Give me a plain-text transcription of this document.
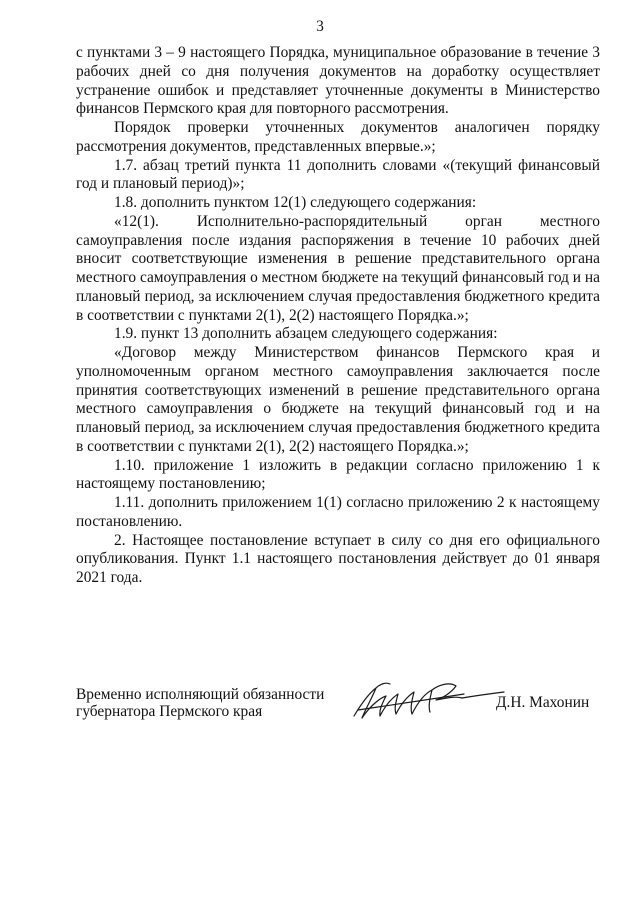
3

с пунктами 3 – 9 настоящего Порядка, муниципальное образование в течение 3 рабочих дней со дня получения документов на доработку осуществляет устранение ошибок и представляет уточненные документы в Министерство финансов Пермского края для повторного рассмотрения.

Порядок проверки уточненных документов аналогичен порядку рассмотрения документов, представленных впервые.»;

1.7. абзац третий пункта 11 дополнить словами «(текущий финансовый год и плановый период)»;

1.8. дополнить пунктом 12(1) следующего содержания:

«12(1). Исполнительно-распорядительный орган местного самоуправления после издания распоряжения в течение 10 рабочих дней вносит соответствующие изменения в решение представительного органа местного самоуправления о местном бюджете на текущий финансовый год и на плановый период, за исключением случая предоставления бюджетного кредита в соответствии с пунктами 2(1), 2(2) настоящего Порядка.»;

1.9. пункт 13 дополнить абзацем следующего содержания:

«Договор между Министерством финансов Пермского края и уполномоченным органом местного самоуправления заключается после принятия соответствующих изменений в решение представительного органа местного самоуправления о бюджете на текущий финансовый год и на плановый период, за исключением случая предоставления бюджетного кредита в соответствии с пунктами 2(1), 2(2) настоящего Порядка.»;

1.10. приложение 1 изложить в редакции согласно приложению 1 к настоящему постановлению;

1.11. дополнить приложением 1(1) согласно приложению 2 к настоящему постановлению.

2. Настоящее постановление вступает в силу со дня его официального опубликования. Пункт 1.1 настоящего постановления действует до 01 января 2021 года.

Временно исполняющий обязанности
губернатора Пермского края
Д.Н. Махонин
